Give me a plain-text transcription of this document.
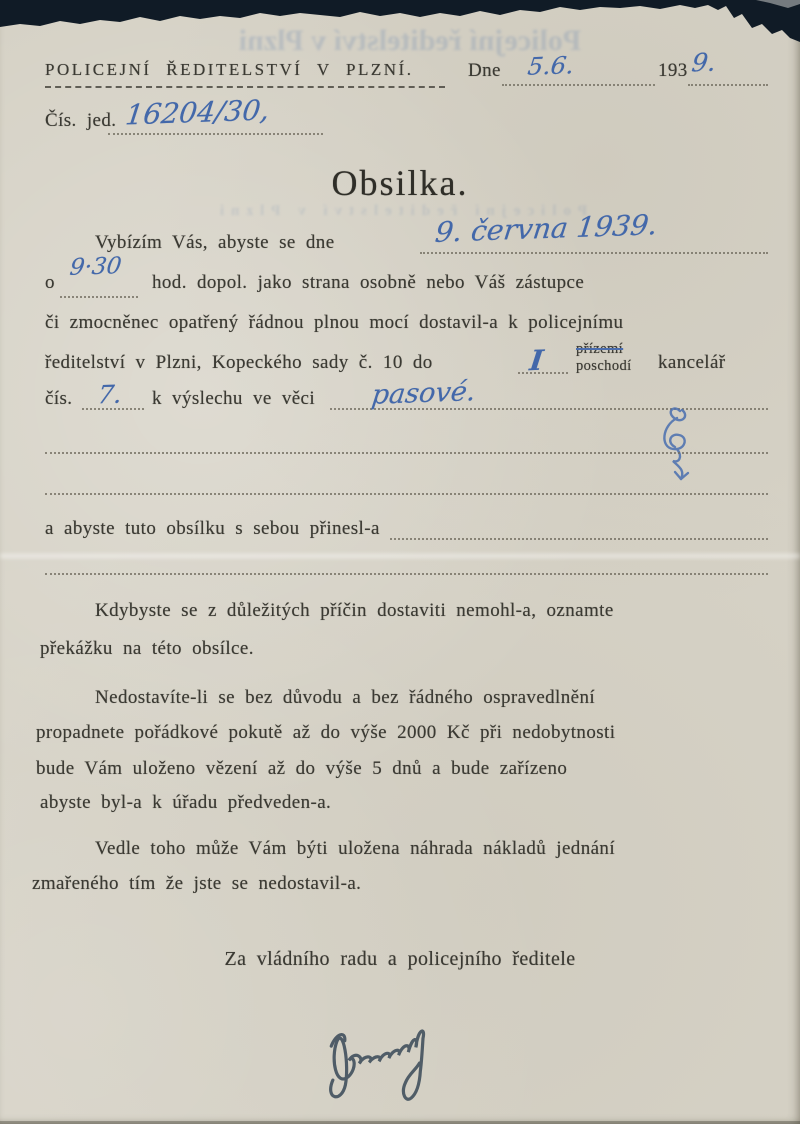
Policejní ředitelství v Plzni
Policejní ředitelství v Plzni
POLICEJNÍ ŘEDITELSTVÍ V PLZNÍ.	Dne 5.6.	193 9.
Čís. jed. 16204/30,
Obsilka.
Vybízím Vás, abyste se dne	9. června 1939.
o
9·30
hod. dopol. jako strana osobně nebo Váš zástupce
či zmocněnec opatřený řádnou plnou mocí dostavil-a k policejnímu
ředitelství v Plzni, Kopeckého sady č. 10 do	I přízemí
poschodí kancelář
čís. 7. k výslechu ve věci pasové.
a abyste tuto obsílku s sebou přinesl-a
Kdybyste se z důležitých příčin dostaviti nemohl-a, oznamte
překážku na této obsílce.
Nedostavíte-li se bez důvodu a bez řádného ospravedlnění
propadnete pořádkové pokutě až do výše 2000 Kč při nedobytnosti
bude Vám uloženo vězení až do výše 5 dnů a bude zařízeno
abyste byl-a k úřadu předveden-a.
Vedle toho může Vám býti uložena náhrada nákladů jednání
zmařeného tím že jste se nedostavil-a.
Za vládního radu a policejního ředitele
